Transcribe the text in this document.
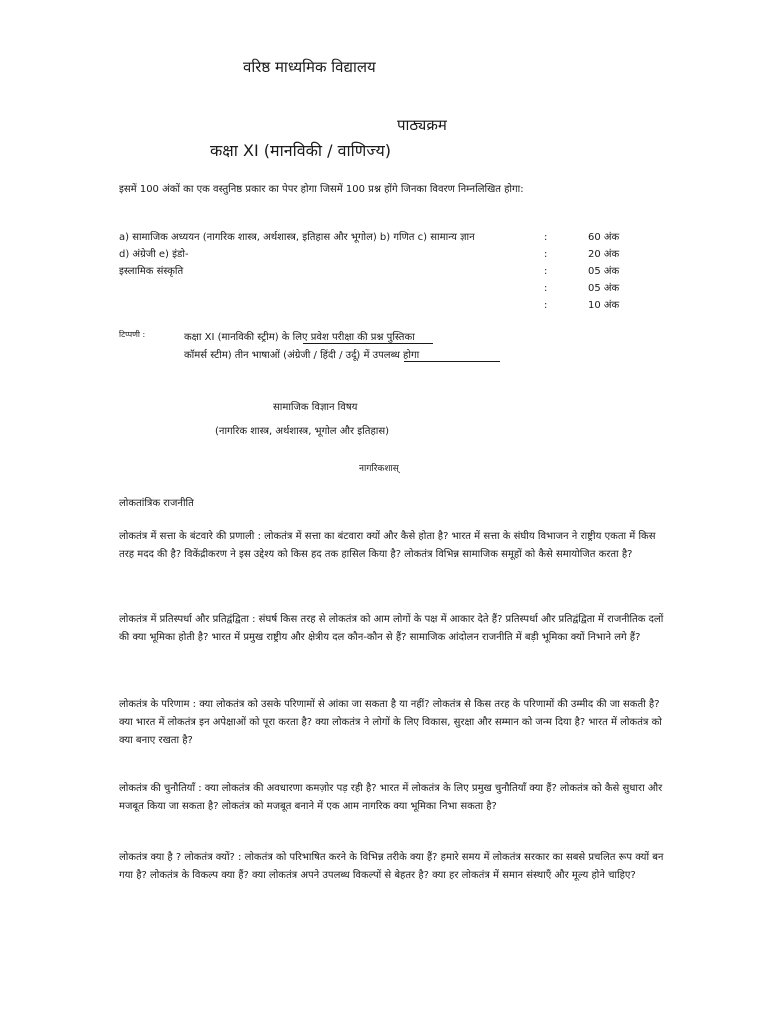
वरिष्ठ माध्यमिक विद्यालय
पाठ्यक्रम
कक्षा XI (मानविकी / वाणिज्य)
इसमें 100 अंकों का एक वस्तुनिष्ठ प्रकार का पेपर होगा जिसमें 100 प्रश्न होंगे जिनका विवरण निम्नलिखित होगा:
a) सामाजिक अध्ययन (नागरिक शास्त्र, अर्थशास्त्र, इतिहास और भूगोल) b) गणित c) सामान्य ज्ञान
d) अंग्रेजी e) इंडो-
इस्लामिक संस्कृति
:
:
:
:
:
60 अंक
20 अंक
05 अंक
05 अंक
10 अंक
टिप्पणी :	कक्षा XI (मानविकी स्ट्रीम) के लिए प्रवेश परीक्षा की प्रश्न पुस्तिका
कॉमर्स स्टीम) तीन भाषाओं (अंग्रेजी / हिंदी / उर्दू) में उपलब्ध होगा
सामाजिक विज्ञान विषय
(नागरिक शास्त्र, अर्थशास्त्र, भूगोल और इतिहास)
नागरिकशास्
लोकतांत्रिक राजनीति
लोकतंत्र में सत्ता के बंटवारे की प्रणाली : लोकतंत्र में सत्ता का बंटवारा क्यों और कैसे होता है? भारत में सत्ता के संघीय विभाजन ने राष्ट्रीय एकता में किस तरह मदद की है? विकेंद्रीकरण ने इस उद्देश्य को किस हद तक हासिल किया है? लोकतंत्र विभिन्न सामाजिक समूहों को कैसे समायोजित करता है?
लोकतंत्र में प्रतिस्पर्धा और प्रतिद्वंद्विता : संघर्ष किस तरह से लोकतंत्र को आम लोगों के पक्ष में आकार देते हैं? प्रतिस्पर्धा और प्रतिद्वंद्विता में राजनीतिक दलों की क्या भूमिका होती है? भारत में प्रमुख राष्ट्रीय और क्षेत्रीय दल कौन-कौन से हैं? सामाजिक आंदोलन राजनीति में बड़ी भूमिका क्यों निभाने लगे हैं?
लोकतंत्र के परिणाम : क्या लोकतंत्र को उसके परिणामों से आंका जा सकता है या नहीं? लोकतंत्र से किस तरह के परिणामों की उम्मीद की जा सकती है? क्या भारत में लोकतंत्र इन अपेक्षाओं को पूरा करता है? क्या लोकतंत्र ने लोगों के लिए विकास, सुरक्षा और सम्मान को जन्म दिया है? भारत में लोकतंत्र को क्या बनाए रखता है?
लोकतंत्र की चुनौतियाँ : क्या लोकतंत्र की अवधारणा कमज़ोर पड़ रही है? भारत में लोकतंत्र के लिए प्रमुख चुनौतियाँ क्या हैं? लोकतंत्र को कैसे सुधारा और मजबूत किया जा सकता है? लोकतंत्र को मजबूत बनाने में एक आम नागरिक क्या भूमिका निभा सकता है?
लोकतंत्र क्या है ? लोकतंत्र क्यों? : लोकतंत्र को परिभाषित करने के विभिन्न तरीके क्या हैं? हमारे समय में लोकतंत्र सरकार का सबसे प्रचलित रूप क्यों बन गया है? लोकतंत्र के विकल्प क्या हैं? क्या लोकतंत्र अपने उपलब्ध विकल्पों से बेहतर है? क्या हर लोकतंत्र में समान संस्थाएँ और मूल्य होने चाहिए?
